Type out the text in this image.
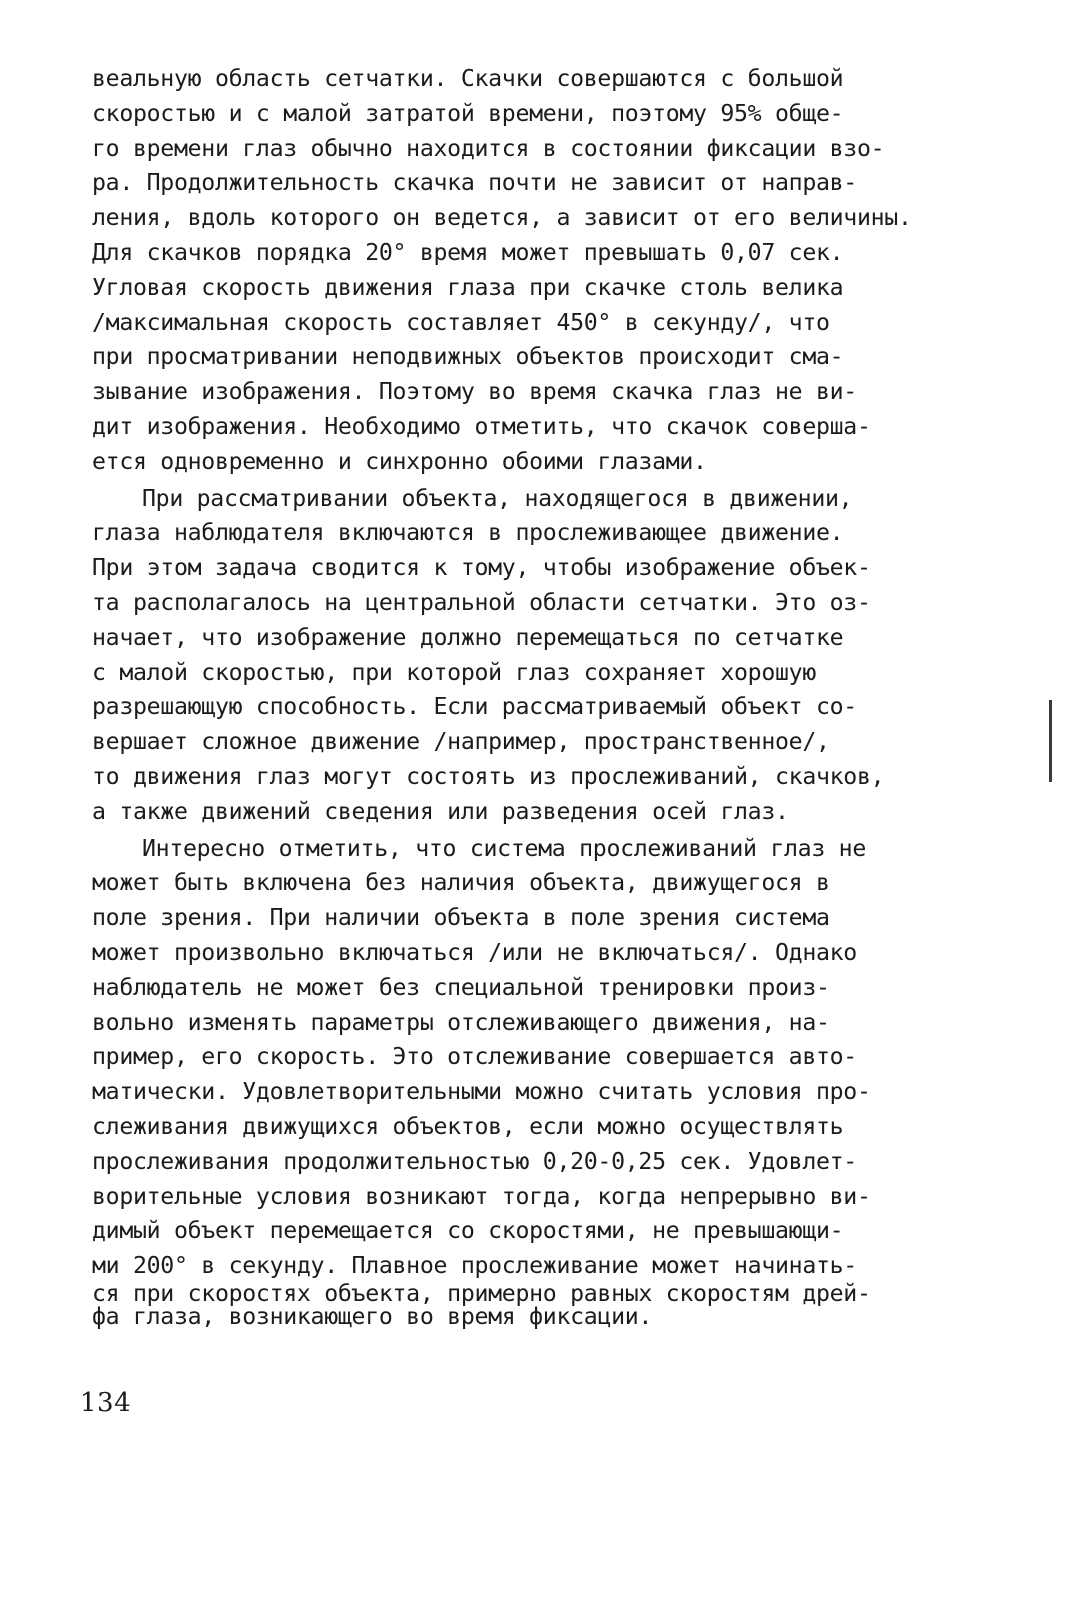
веальную область сетчатки. Скачки совершаются с большой
скоростью и с малой затратой времени, поэтому 95% обще-
го времени глаз обычно находится в состоянии фиксации взо-
ра. Продолжительность скачка почти не зависит от направ-
ления, вдоль которого он ведется, а зависит от его величины.
Для скачков порядка 20° время может превышать 0,07 сек.
Угловая скорость движения глаза при скачке столь велика
/максимальная скорость составляет 450° в секунду/, что
при просматривании неподвижных объектов происходит сма-
зывание изображения. Поэтому во время скачка глаз не ви-
дит изображения. Необходимо отметить, что скачок соверша-
ется одновременно и синхронно обоими глазами.
При рассматривании объекта, находящегося в движении,
глаза наблюдателя включаются в прослеживающее движение.
При этом задача сводится к тому, чтобы изображение объек-
та располагалось на центральной области сетчатки. Это оз-
начает, что изображение должно перемещаться по сетчатке
с малой скоростью, при которой глаз сохраняет хорошую
разрешающую способность. Если рассматриваемый объект со-
вершает сложное движение /например, пространственное/,
то движения глаз могут состоять из прослеживаний, скачков,
а также движений сведения или разведения осей глаз.
Интересно отметить, что система прослеживаний глаз не
может быть включена без наличия объекта, движущегося в
поле зрения. При наличии объекта в поле зрения система
может произвольно включаться /или не включаться/. Однако
наблюдатель не может без специальной тренировки произ-
вольно изменять параметры отслеживающего движения, на-
пример, его скорость. Это отслеживание совершается авто-
матически. Удовлетворительными можно считать условия про-
слеживания движущихся объектов, если можно осуществлять
прослеживания продолжительностью 0,20-0,25 сек. Удовлет-
ворительные условия возникают тогда, когда непрерывно ви-
димый объект перемещается со скоростями, не превышающи-
ми 200° в секунду. Плавное прослеживание может начинать-
ся при скоростях объекта, примерно равных скоростям дрей-
фа глаза, возникающего во время фиксации.
134
